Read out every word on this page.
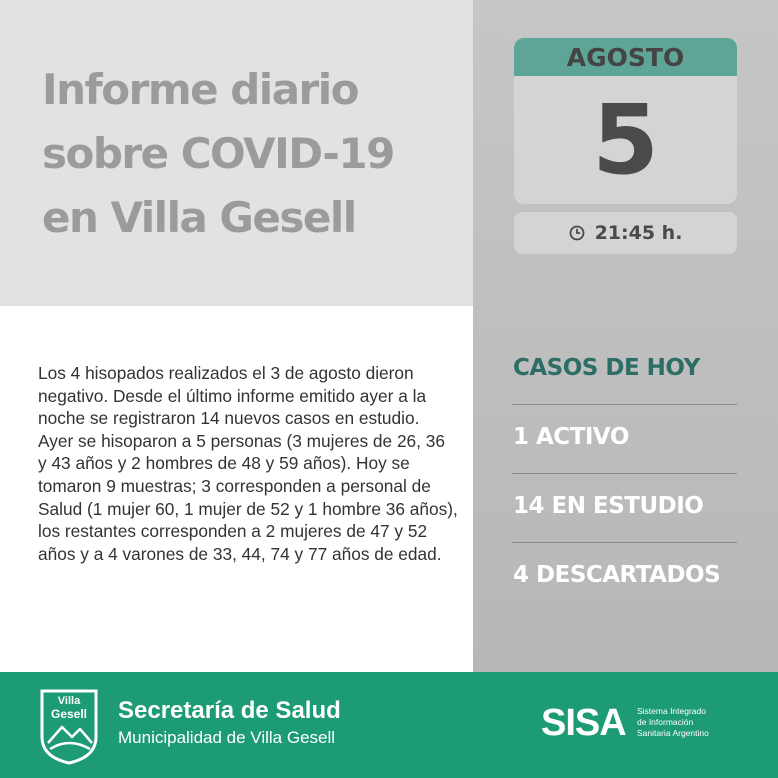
Informe diario
sobre COVID-19
en Villa Gesell
AGOSTO
5
21:45 h.

Los 4 hisopados realizados el 3 de agosto dieron negativo. Desde el último informe emitido ayer a la noche se registraron 14 nuevos casos en estudio. Ayer se hisoparon a 5 personas (3 mujeres de 26, 36 y 43 años y 2 hombres de 48 y 59 años). Hoy se tomaron 9 muestras; 3 corresponden a personal de Salud (1 mujer 60, 1 mujer de 52 y 1 hombre 36 años), los restantes corresponden a 2 mujeres de 47 y 52 años y a 4 varones de 33, 44, 74 y 77 años de edad.

CASOS DE HOY
1 ACTIVO
14 EN ESTUDIO
4 DESCARTADOS
Villa
Gesell Secretaría de Salud
Municipalidad de Villa Gesell	SISA Sistema Integrado
de Información
Sanitaria Argentino
